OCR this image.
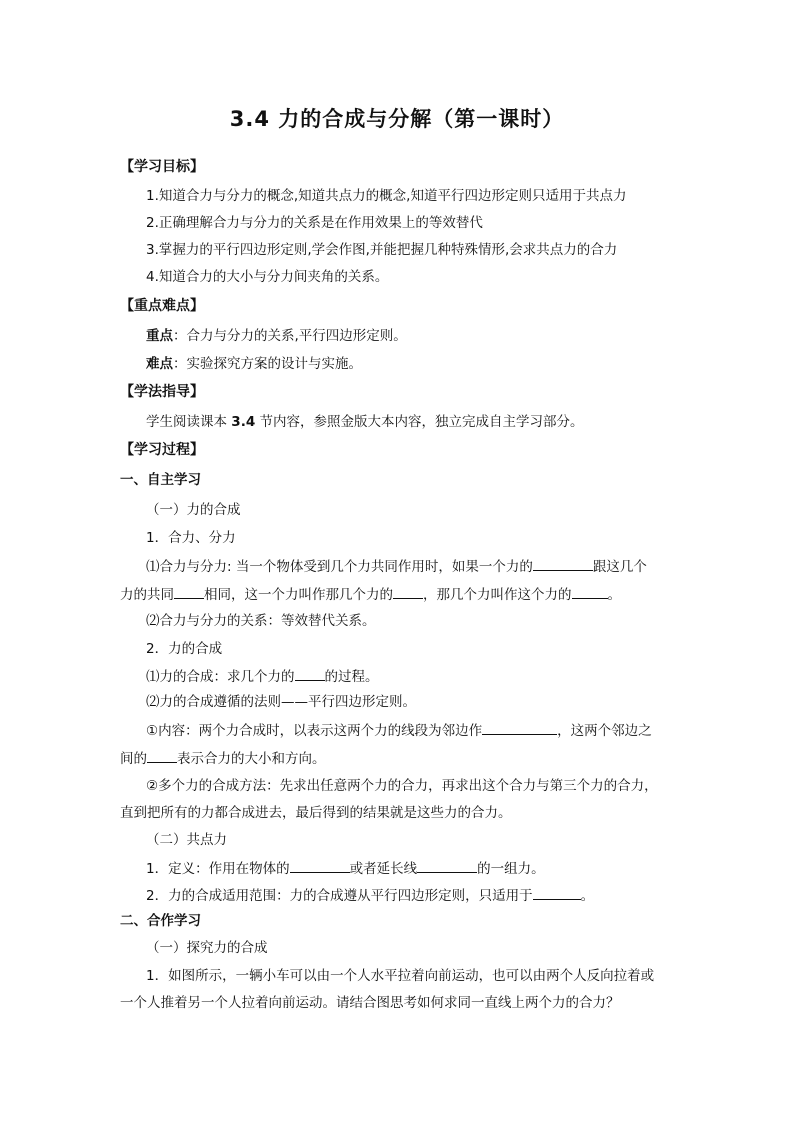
3.4 力的合成与分解（第一课时）
【学习目标】
1.知道合力与分力的概念,知道共点力的概念,知道平行四边形定则只适用于共点力
2.正确理解合力与分力的关系是在作用效果上的等效替代
3.掌握力的平行四边形定则,学会作图,并能把握几种特殊情形,会求共点力的合力
4.知道合力的大小与分力间夹角的关系。
【重点难点】
重点：合力与分力的关系,平行四边形定则。
难点：实验探究方案的设计与实施。
【学法指导】
学生阅读课本 3.4 节内容，参照金版大本内容，独立完成自主学习部分。
【学习过程】
一、自主学习
（一）力的合成
1．合力、分力
⑴合力与分力: 当一个物体受到几个力共同作用时，如果一个力的	跟这几个
力的共同 相同，这一个力叫作那几个力的 ，那几个力叫作这个力的	。
⑵合力与分力的关系：等效替代关系。
2．力的合成
⑴力的合成：求几个力的 的过程。
⑵力的合成遵循的法则——平行四边形定则。
①内容：两个力合成时，以表示这两个力的线段为邻边作	，这两个邻边之
间的 表示合力的大小和方向。
②多个力的合成方法：先求出任意两个力的合力，再求出这个合力与第三个力的合力，
直到把所有的力都合成进去，最后得到的结果就是这些力的合力。
（二）共点力
1．定义：作用在物体的	或者延长线	的一组力。
2．力的合成适用范围：力的合成遵从平行四边形定则，只适用于	。
二、合作学习
（一）探究力的合成
1．如图所示，一辆小车可以由一个人水平拉着向前运动，也可以由两个人反向拉着或
一个人推着另一个人拉着向前运动。请结合图思考如何求同一直线上两个力的合力？
